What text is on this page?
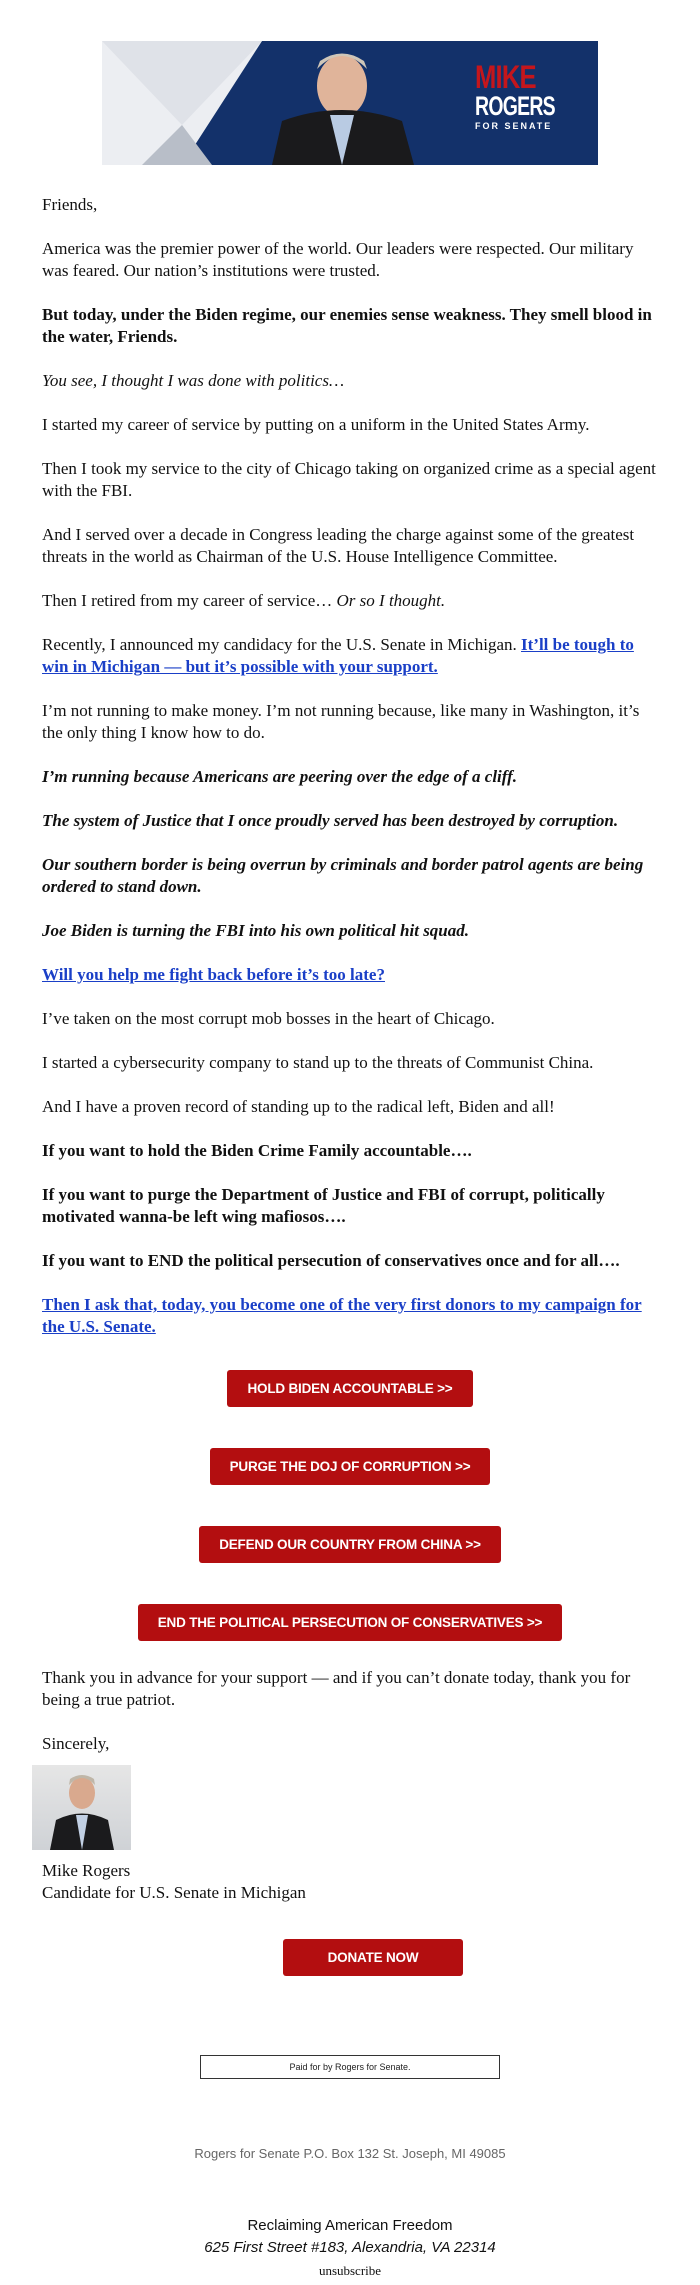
MIKE
ROGERS
FOR SENATE

Friends,

America was the premier power of the world. Our leaders were respected. Our military was feared. Our nation’s institutions were trusted.

But today, under the Biden regime, our enemies sense weakness. They smell blood in the water, Friends.

You see, I thought I was done with politics…

I started my career of service by putting on a uniform in the United States Army.

Then I took my service to the city of Chicago taking on organized crime as a special agent with the FBI.

And I served over a decade in Congress leading the charge against some of the greatest threats in the world as Chairman of the U.S. House Intelligence Committee.

Then I retired from my career of service… Or so I thought.

Recently, I announced my candidacy for the U.S. Senate in Michigan. It’ll be tough to win in Michigan — but it’s possible with your support.

I’m not running to make money. I’m not running because, like many in Washington, it’s the only thing I know how to do.

I’m running because Americans are peering over the edge of a cliff.

The system of Justice that I once proudly served has been destroyed by corruption.

Our southern border is being overrun by criminals and border patrol agents are being ordered to stand down.

Joe Biden is turning the FBI into his own political hit squad.

Will you help me fight back before it’s too late?

I’ve taken on the most corrupt mob bosses in the heart of Chicago.

I started a cybersecurity company to stand up to the threats of Communist China.

And I have a proven record of standing up to the radical left, Biden and all!

If you want to hold the Biden Crime Family accountable….

If you want to purge the Department of Justice and FBI of corrupt, politically motivated wanna-be left wing mafiosos….

If you want to END the political persecution of conservatives once and for all….

Then I ask that, today, you become one of the very first donors to my campaign for the U.S. Senate.

HOLD BIDEN ACCOUNTABLE >>
PURGE THE DOJ OF CORRUPTION >>
DEFEND OUR COUNTRY FROM CHINA >>
END THE POLITICAL PERSECUTION OF CONSERVATIVES >>

Thank you in advance for your support — and if you can’t donate today, thank you for being a true patriot.

Sincerely,

Mike Rogers
Candidate for U.S. Senate in Michigan
DONATE NOW
Paid for by Rogers for Senate.
Rogers for Senate P.O. Box 132 St. Joseph, MI 49085
Reclaiming American Freedom
625 First Street #183, Alexandria, VA 22314
unsubscribe
